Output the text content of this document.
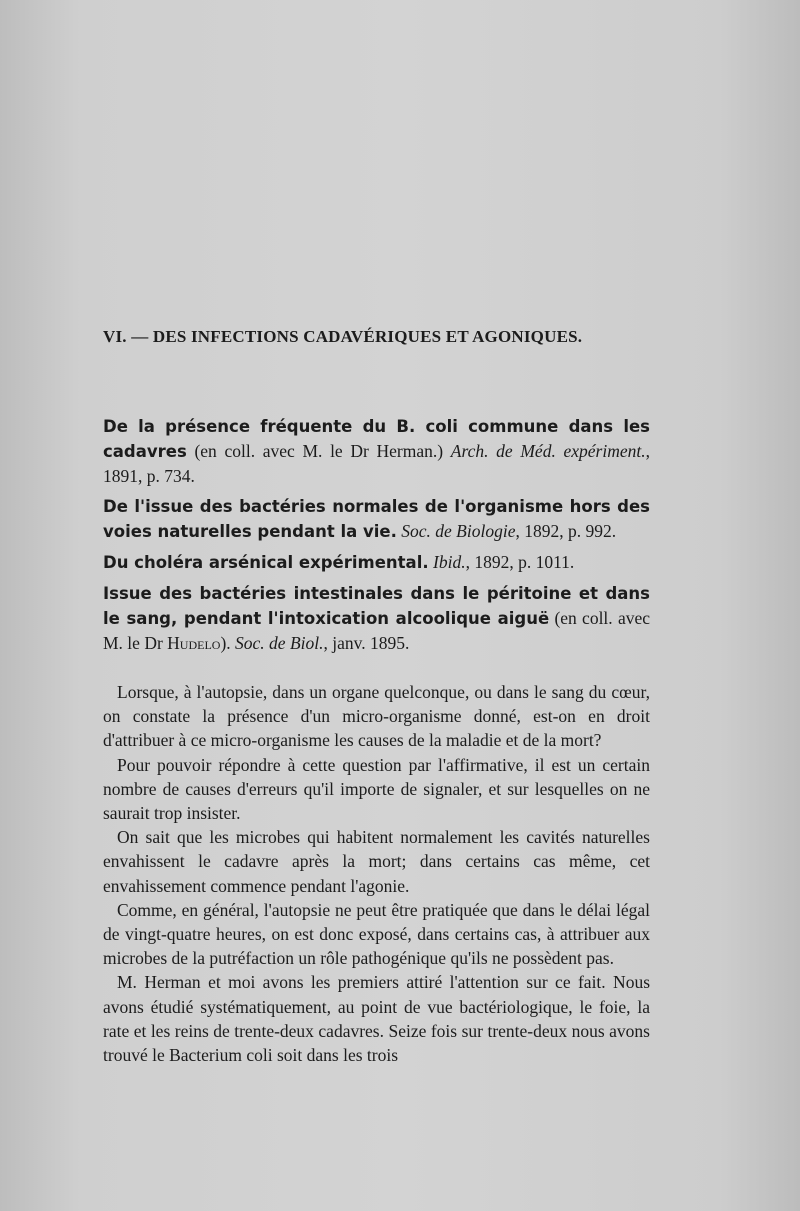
VI. — DES INFECTIONS CADAVÉRIQUES ET AGONIQUES.

De la présence fréquente du B. coli commune dans les cadavres (en coll. avec M. le Dr Herman.) Arch. de Méd. expériment., 1891, p. 734.

De l'issue des bactéries normales de l'organisme hors des voies naturelles pendant la vie. Soc. de Biologie, 1892, p. 992.

Du choléra arsénical expérimental. Ibid., 1892, p. 1011.

Issue des bactéries intestinales dans le péritoine et dans le sang, pendant l'intoxication alcoolique aiguë (en coll. avec M. le Dr Hudelo). Soc. de Biol., janv. 1895.

Lorsque, à l'autopsie, dans un organe quelconque, ou dans le sang du cœur, on constate la présence d'un micro-organisme donné, est-on en droit d'attribuer à ce micro-organisme les causes de la maladie et de la mort?

Pour pouvoir répondre à cette question par l'affirmative, il est un certain nombre de causes d'erreurs qu'il importe de signaler, et sur lesquelles on ne saurait trop insister.

On sait que les microbes qui habitent normalement les cavités naturelles envahissent le cadavre après la mort; dans certains cas même, cet envahissement commence pendant l'agonie.

Comme, en général, l'autopsie ne peut être pratiquée que dans le délai légal de vingt-quatre heures, on est donc exposé, dans certains cas, à attribuer aux microbes de la putréfaction un rôle pathogénique qu'ils ne possèdent pas.

M. Herman et moi avons les premiers attiré l'attention sur ce fait. Nous avons étudié systématiquement, au point de vue bactériologique, le foie, la rate et les reins de trente-deux cadavres. Seize fois sur trente-deux nous avons trouvé le Bacterium coli soit dans les trois
